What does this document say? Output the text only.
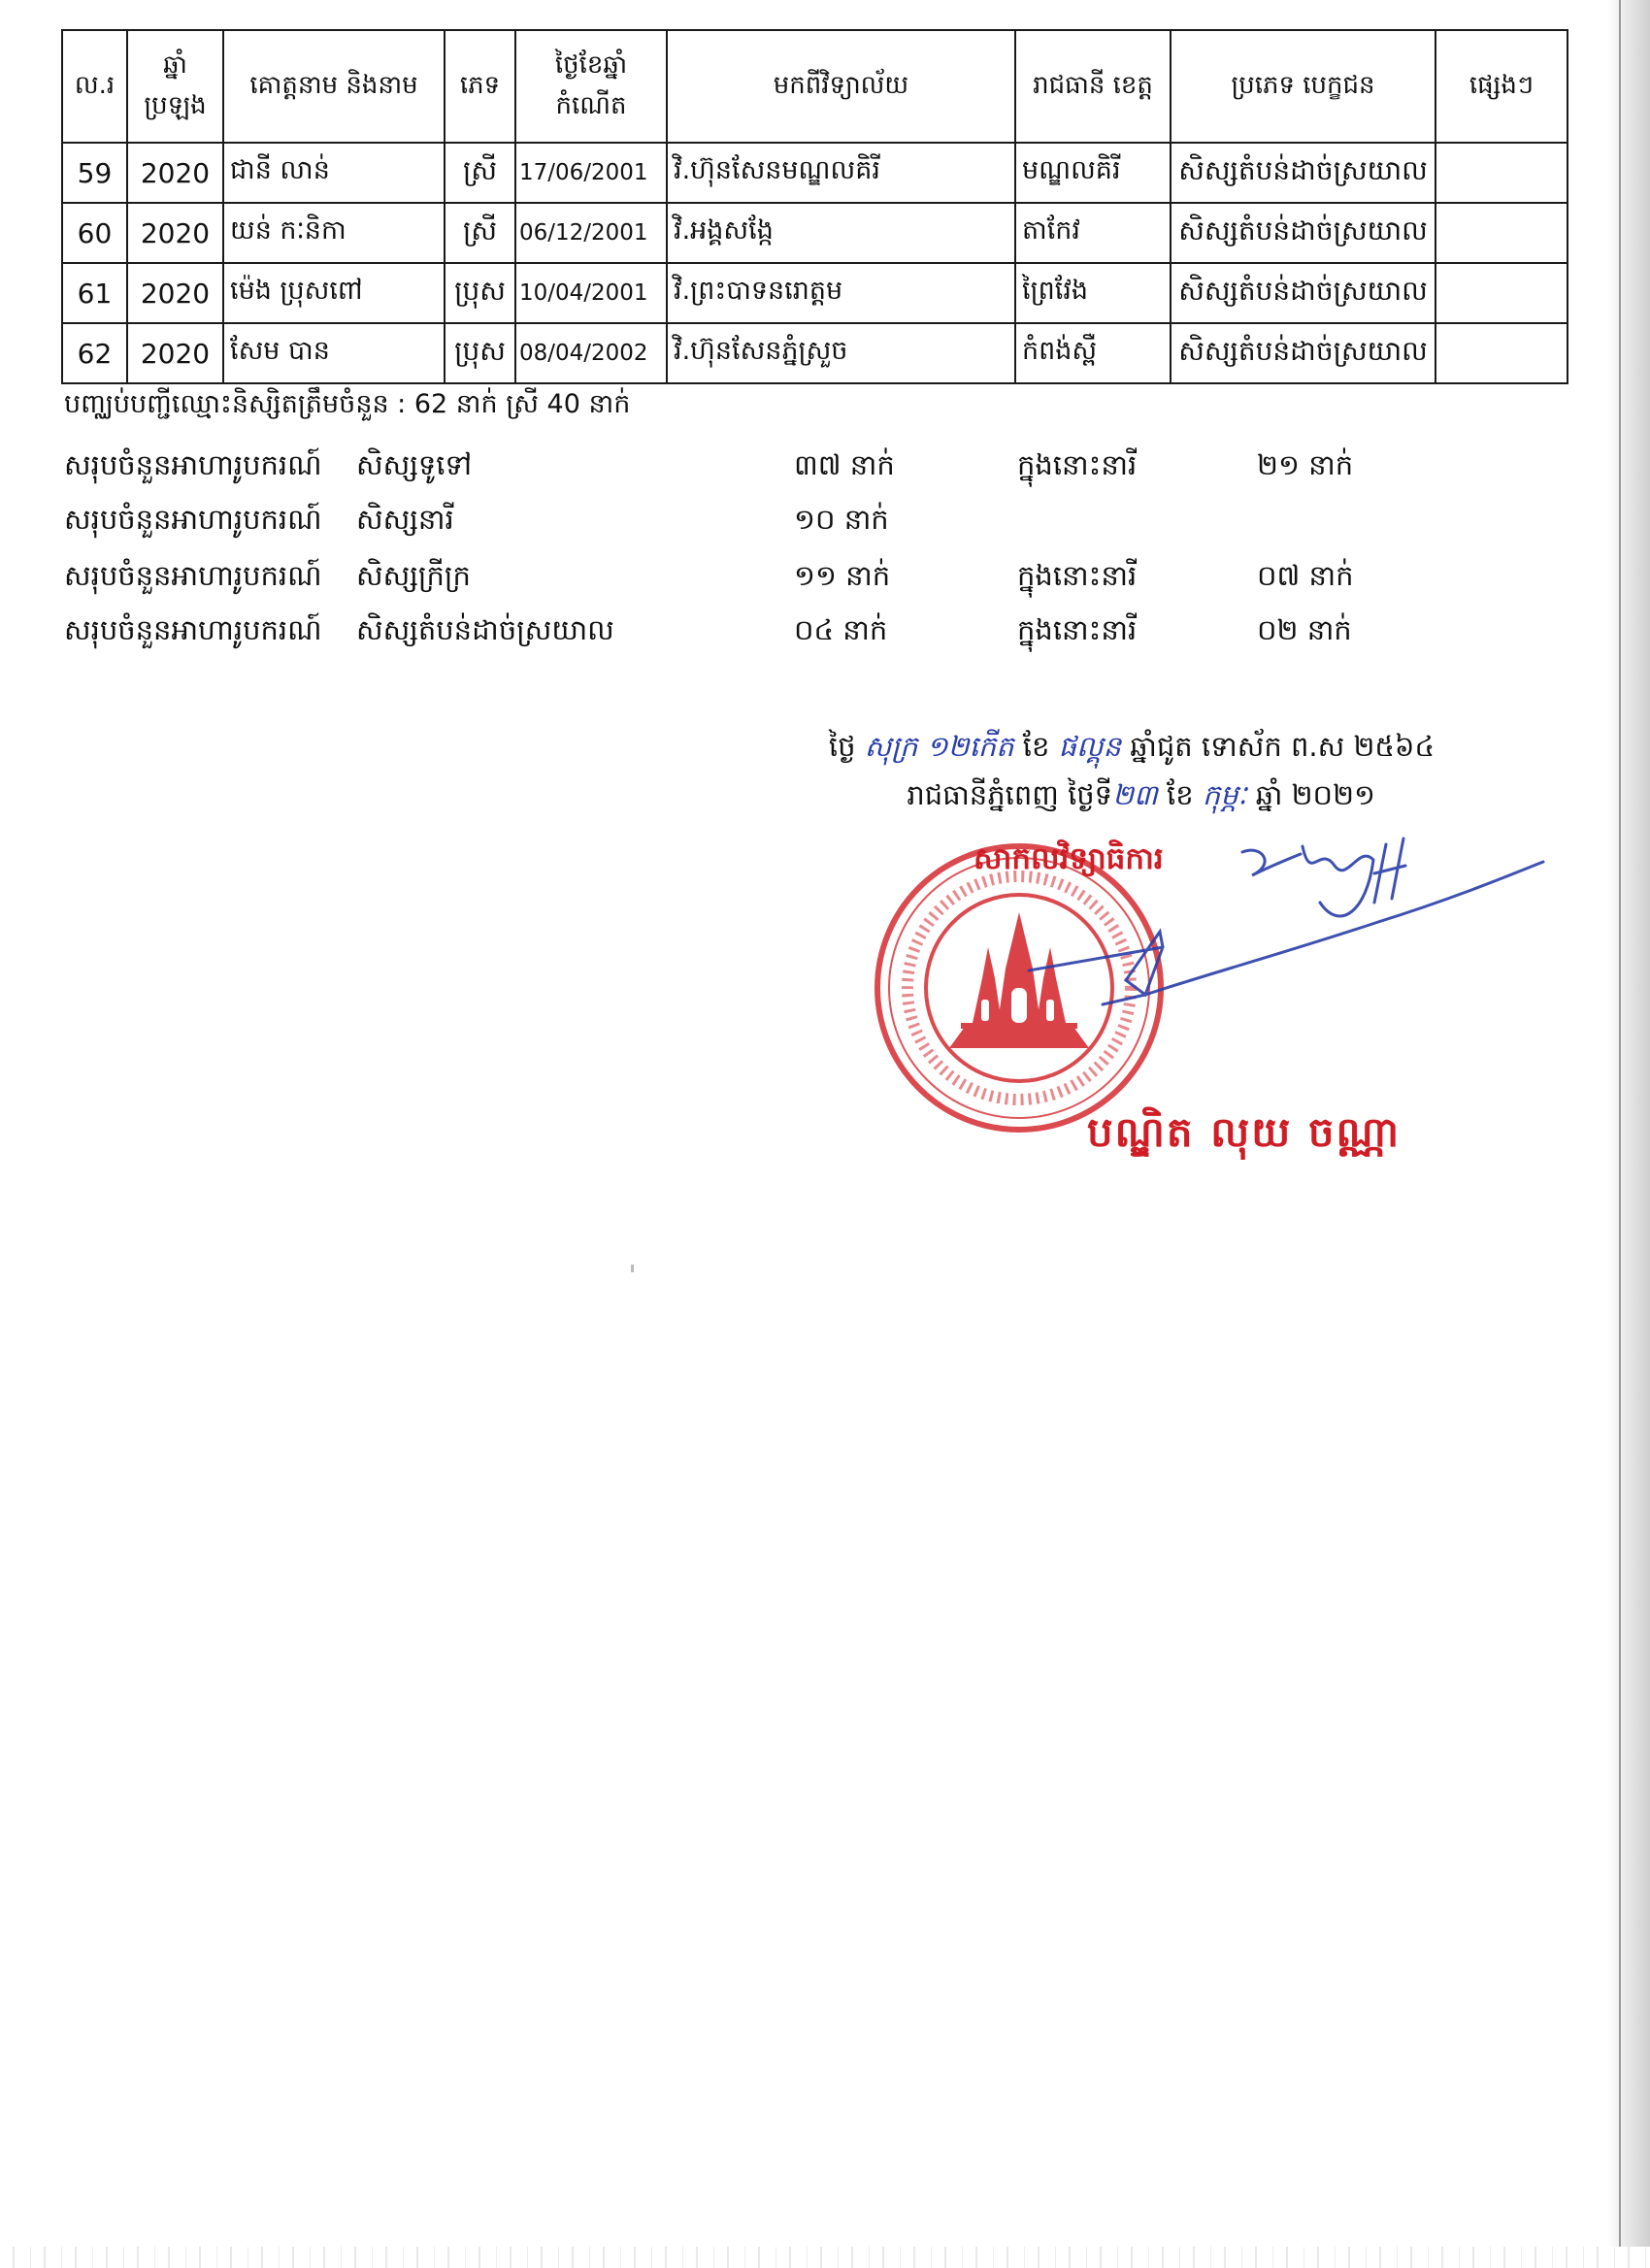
ល.រ	ឆ្នាំ ប្រឡង	គោត្តនាម និងនាម	ភេទ	ថ្ងៃខែឆ្នាំ កំណើត	មកពីវិទ្យាល័យ	រាជធានី ខេត្ត	ប្រភេទ បេក្ខជន	ផ្សេងៗ
59	2020	ជានី លាន់	ស្រី	17/06/2001	វិ.ហ៊ុនសែនមណ្ឌលគិរី	មណ្ឌលគិរី	សិស្សតំបន់ដាច់ស្រយាល	
60	2020	យន់ កៈនិកា	ស្រី	06/12/2001	វិ.អង្គសង្កែ	តាកែវ	សិស្សតំបន់ដាច់ស្រយាល	
61	2020	ម៉េង ប្រុសពៅ	ប្រុស	10/04/2001	វិ.ព្រះបាទនរោត្តម	ព្រៃវែង	សិស្សតំបន់ដាច់ស្រយាល	
62	2020	សែម បាន	ប្រុស	08/04/2002	វិ.ហ៊ុនសែនភ្នំស្រួច	កំពង់ស្ពឺ	សិស្សតំបន់ដាច់ស្រយាល	
បញ្ឈប់បញ្ជីឈ្មោះនិស្សិតត្រឹមចំនួន : 62 នាក់ ស្រី 40 នាក់
សរុបចំនួនអាហារូបករណ៍ សិស្សទូទៅ	៣៧ នាក់	ក្នុងនោះនារី	២១ នាក់
សរុបចំនួនអាហារូបករណ៍ សិស្សនារី	១០ នាក់
សរុបចំនួនអាហារូបករណ៍ សិស្សក្រីក្រ	១១ នាក់	ក្នុងនោះនារី	០៧ នាក់
សរុបចំនួនអាហារូបករណ៍ សិស្សតំបន់ដាច់ស្រយាល	០៤ នាក់	ក្នុងនោះនារី	០២ នាក់
ថ្ងៃ សុក្រ ១២កើត ខែ ផល្គុន ឆ្នាំជូត ទោស័ក ព.ស ២៥៦៤
រាជធានីភ្នំពេញ ថ្ងៃទី២៣ ខែ កុម្ភៈ ឆ្នាំ ២០២១
សាកលវិទ្យាធិការ
បណ្ឌិត លុយ ចណ្ណា
